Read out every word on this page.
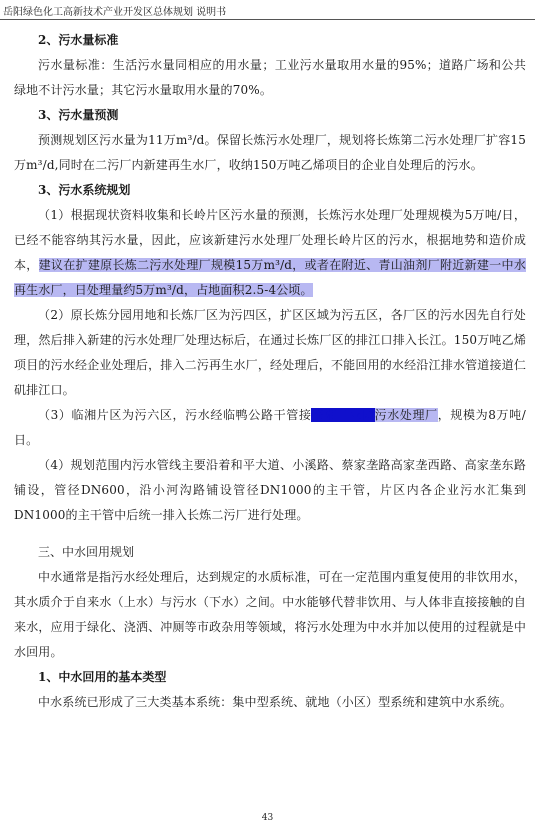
岳阳绿色化工高新技术产业开发区总体规划 说明书
2、污水量标准
污水量标准：生活污水量同相应的用水量；工业污水量取用水量的95%；道路广场和公共绿地不计污水量；其它污水量取用水量的70%。
3、污水量预测
预测规划区污水量为11万m³/d。保留长炼污水处理厂，规划将长炼第二污水处理厂扩容15万m³/d,同时在二污厂内新建再生水厂，收纳150万吨乙烯项目的企业自处理后的污水。
3、污水系统规划
（1）根据现状资料收集和长岭片区污水量的预测，长炼污水处理厂处理规模为5万吨/日，已经不能容纳其污水量，因此，应该新建污水处理厂处理长岭片区的污水，根据地势和造价成本，建议在扩建原长炼二污水处理厂规模15万m³/d，或者在附近、青山油剂厂附近新建一中水再生水厂，日处理量约5万m³/d，占地面积2.5-4公顷。
（2）原长炼分园用地和长炼厂区为污四区，扩区区域为污五区，各厂区的污水因先自行处理，然后排入新建的污水处理厂处理达标后，在通过长炼厂区的排江口排入长江。150万吨乙烯项目的污水经企业处理后，排入二污再生水厂，经处理后，不能回用的水经沿江排水管道接道仁矶排江口。
（3）临湘片区为污六区，污水经临鸭公路干管接临湘工业园污水处理厂，规模为8万吨/日。
（4）规划范围内污水管线主要沿着和平大道、小溪路、蔡家垄路高家垄西路、高家垄东路铺设，管径DN600，沿小河沟路铺设管径DN1000的主干管，片区内各企业污水汇集到DN1000的主干管中后统一排入长炼二污厂进行处理。
三、中水回用规划
中水通常是指污水经处理后，达到规定的水质标准，可在一定范围内重复使用的非饮用水，其水质介于自来水（上水）与污水（下水）之间。中水能够代替非饮用、与人体非直接接触的自来水，应用于绿化、浇洒、冲厕等市政杂用等领域，将污水处理为中水并加以使用的过程就是中水回用。
1、中水回用的基本类型
中水系统已形成了三大类基本系统：集中型系统、就地（小区）型系统和建筑中水系统。
43
